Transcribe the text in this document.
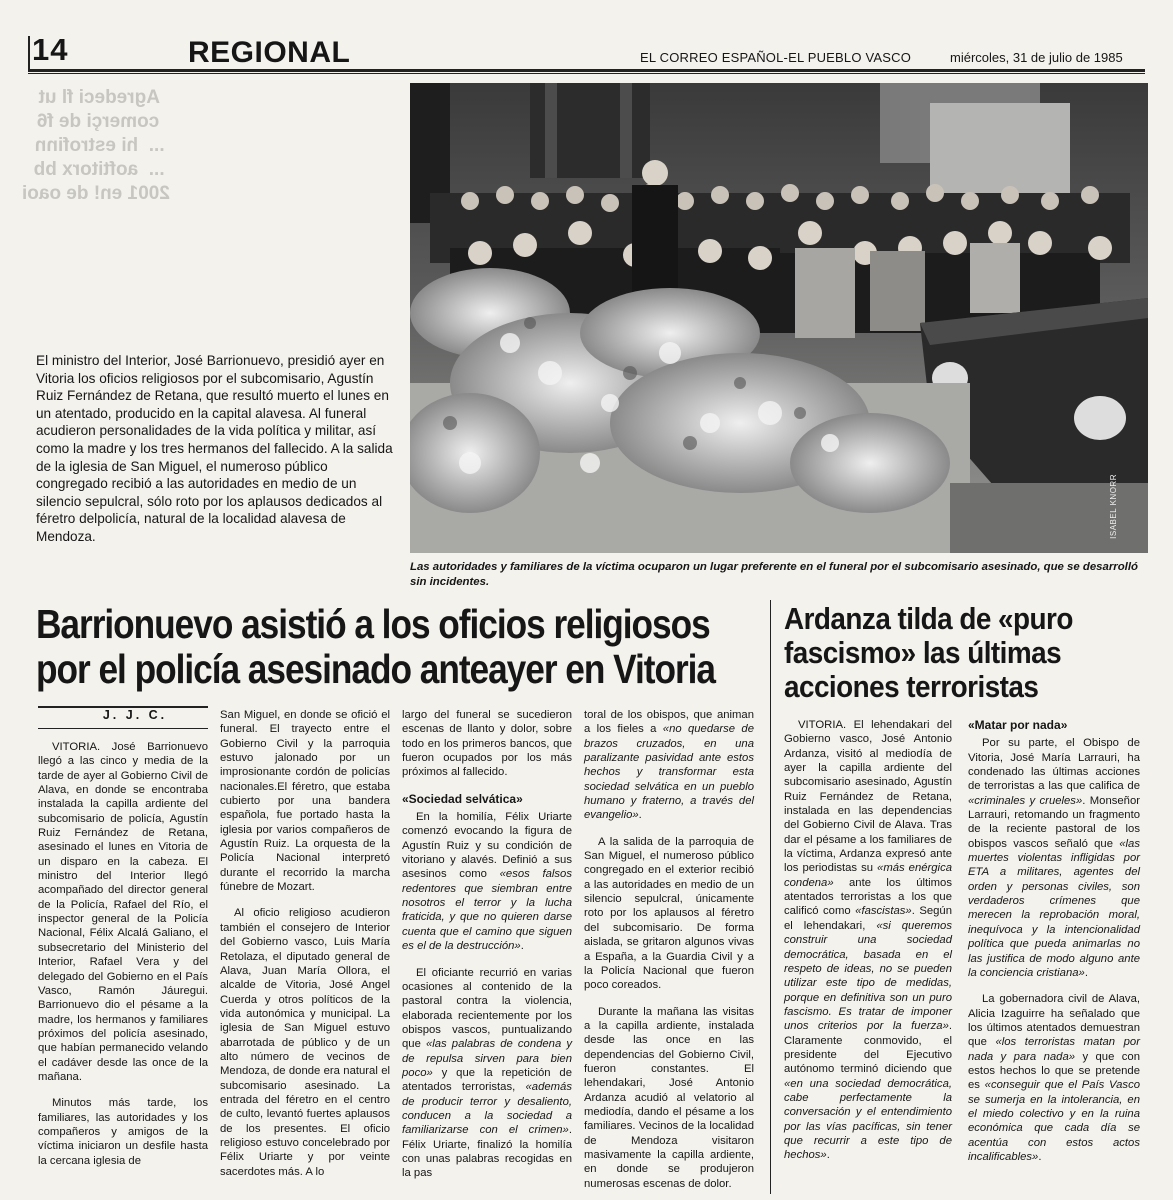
Agredeci fl ut
comerçi de f6
...  hi estrofinn
...  aoftitorx bb
2001 en! de oaoi
14	REGIONAL	EL CORREO ESPAÑOL-EL PUEBLO VASCO	miércoles, 31 de julio de 1985
El ministro del Interior, José Barrionuevo, presidió ayer en Vitoria los oficios religiosos por el subcomisario, Agustín Ruiz Fernández de Retana, que resultó muerto el lunes en un atentado, producido en la capital alavesa. Al funeral acudieron personalidades de la vida política y militar, así como la madre y los tres hermanos del fallecido. A la salida de la iglesia de San Miguel, el numeroso público congregado recibió a las autoridades en medio de un silencio sepulcral, sólo roto por los aplausos dedicados al féretro delpolicía, natural de la localidad alavesa de Mendoza.	ISABEL KNORR
Las autoridades y familiares de la víctima ocuparon un lugar preferente en el funeral por el subcomisario asesinado, que se desarrolló sin incidentes.
Barrionuevo asistió a los oficios religiosos
por el policía asesinado anteayer en Vitoria
Ardanza tilda de «puro
fascismo» las últimas
acciones terroristas
J. J. C.

VITORIA. José Barrionuevo llegó a las cinco y media de la tarde de ayer al Gobierno Civil de Alava, en donde se encontraba instalada la capilla ardiente del subcomisario de policía, Agustín Ruiz Fernández de Retana, asesinado el lunes en Vitoria de un disparo en la cabeza. El ministro del Interior llegó acompañado del director general de la Policía, Rafael del Río, el inspector general de la Policía Nacional, Félix Alcalá Galiano, el subsecretario del Ministerio del Interior, Rafael Vera y del delegado del Gobierno en el País Vasco, Ramón Jáuregui. Barrionuevo dio el pésame a la madre, los hermanos y familiares próximos del policía asesinado, que habían permanecido velando el cadáver desde las once de la mañana.

Minutos más tarde, los familiares, las autoridades y los compañeros y amigos de la víctima iniciaron un desfile hasta la cercana iglesia de

San Miguel, en donde se ofició el funeral. El trayecto entre el Gobierno Civil y la parroquia estuvo jalonado por un improsionante cordón de policías nacionales.El féretro, que estaba cubierto por una bandera española, fue portado hasta la iglesia por varios compañeros de Agustín Ruiz. La orquesta de la Policía Nacional interpretó durante el recorrido la marcha fúnebre de Mozart.

Al oficio religioso acudieron también el consejero de Interior del Gobierno vasco, Luis María Retolaza, el diputado general de Alava, Juan María Ollora, el alcalde de Vitoria, José Angel Cuerda y otros políticos de la vida autonómica y municipal. La iglesia de San Miguel estuvo abarrotada de público y de un alto número de vecinos de Mendoza, de donde era natural el subcomisario asesinado. La entrada del féretro en el centro de culto, levantó fuertes aplausos de los presentes. El oficio religioso estuvo concelebrado por Félix Uriarte y por veinte sacerdotes más. A lo

largo del funeral se sucedieron escenas de llanto y dolor, sobre todo en los primeros bancos, que fueron ocupados por los más próximos al fallecido.

«Sociedad selvática»

En la homilía, Félix Uriarte comenzó evocando la figura de Agustín Ruiz y su condición de vitoriano y alavés. Definió a sus asesinos como «esos falsos redentores que siembran entre nosotros el terror y la lucha fraticida, y que no quieren darse cuenta que el camino que siguen es el de la destrucción».

El oficiante recurrió en varias ocasiones al contenido de la pastoral contra la violencia, elaborada recientemente por los obispos vascos, puntualizando que «las palabras de condena y de repulsa sirven para bien poco» y que la repetición de atentados terroristas, «además de producir terror y desaliento, conducen a la sociedad a familiarizarse con el crimen». Félix Uriarte, finalizó la homilía con unas palabras recogidas en la pas

toral de los obispos, que animan a los fieles a «no quedarse de brazos cruzados, en una paralizante pasividad ante estos hechos y transformar esta sociedad selvática en un pueblo humano y fraterno, a través del evangelio».

A la salida de la parroquia de San Miguel, el numeroso público congregado en el exterior recibió a las autoridades en medio de un silencio sepulcral, únicamente roto por los aplausos al féretro del subcomisario. De forma aislada, se gritaron algunos vivas a España, a la Guardia Civil y a la Policía Nacional que fueron poco coreados.

Durante la mañana las visitas a la capilla ardiente, instalada desde las once en las dependencias del Gobierno Civil, fueron constantes. El lehendakari, José Antonio Ardanza acudió al velatorio al mediodía, dando el pésame a los familiares. Vecinos de la localidad de Mendoza visitaron masivamente la capilla ardiente, en donde se produjeron numerosas escenas de dolor.

VITORIA. El lehendakari del Gobierno vasco, José Antonio Ardanza, visitó al mediodía de ayer la capilla ardiente del subcomisario asesinado, Agustín Ruiz Fernández de Retana, instalada en las dependencias del Gobierno Civil de Alava. Tras dar el pésame a los familiares de la víctima, Ardanza expresó ante los periodistas su «más enérgica condena» ante los últimos atentados terroristas a los que calificó como «fascistas». Según el lehendakari, «si queremos construir una sociedad democrática, basada en el respeto de ideas, no se pueden utilizar este tipo de medidas, porque en definitiva son un puro fascismo. Es tratar de imponer unos criterios por la fuerza». Claramente conmovido, el presidente del Ejecutivo autónomo terminó diciendo que «en una sociedad democrática, cabe perfectamente la conversación y el entendimiento por las vías pacíficas, sin tener que recurrir a este tipo de hechos».

«Matar por nada»

Por su parte, el Obispo de Vitoria, José María Larrauri, ha condenado las últimas acciones de terroristas a las que califica de «criminales y crueles». Monseñor Larrauri, retomando un fragmento de la reciente pastoral de los obispos vascos señaló que «las muertes violentas infligidas por ETA a militares, agentes del orden y personas civiles, son verdaderos crímenes que merecen la reprobación moral, inequívoca y la intencionalidad política que pueda animarlas no las justifica de modo alguno ante la conciencia cristiana».

La gobernadora civil de Alava, Alicia Izaguirre ha señalado que los últimos atentados demuestran que «los terroristas matan por nada y para nada» y que con estos hechos lo que se pretende es «conseguir que el País Vasco se sumerja en la intolerancia, en el miedo colectivo y en la ruina económica que cada día se acentúa con estos actos incalificables».
